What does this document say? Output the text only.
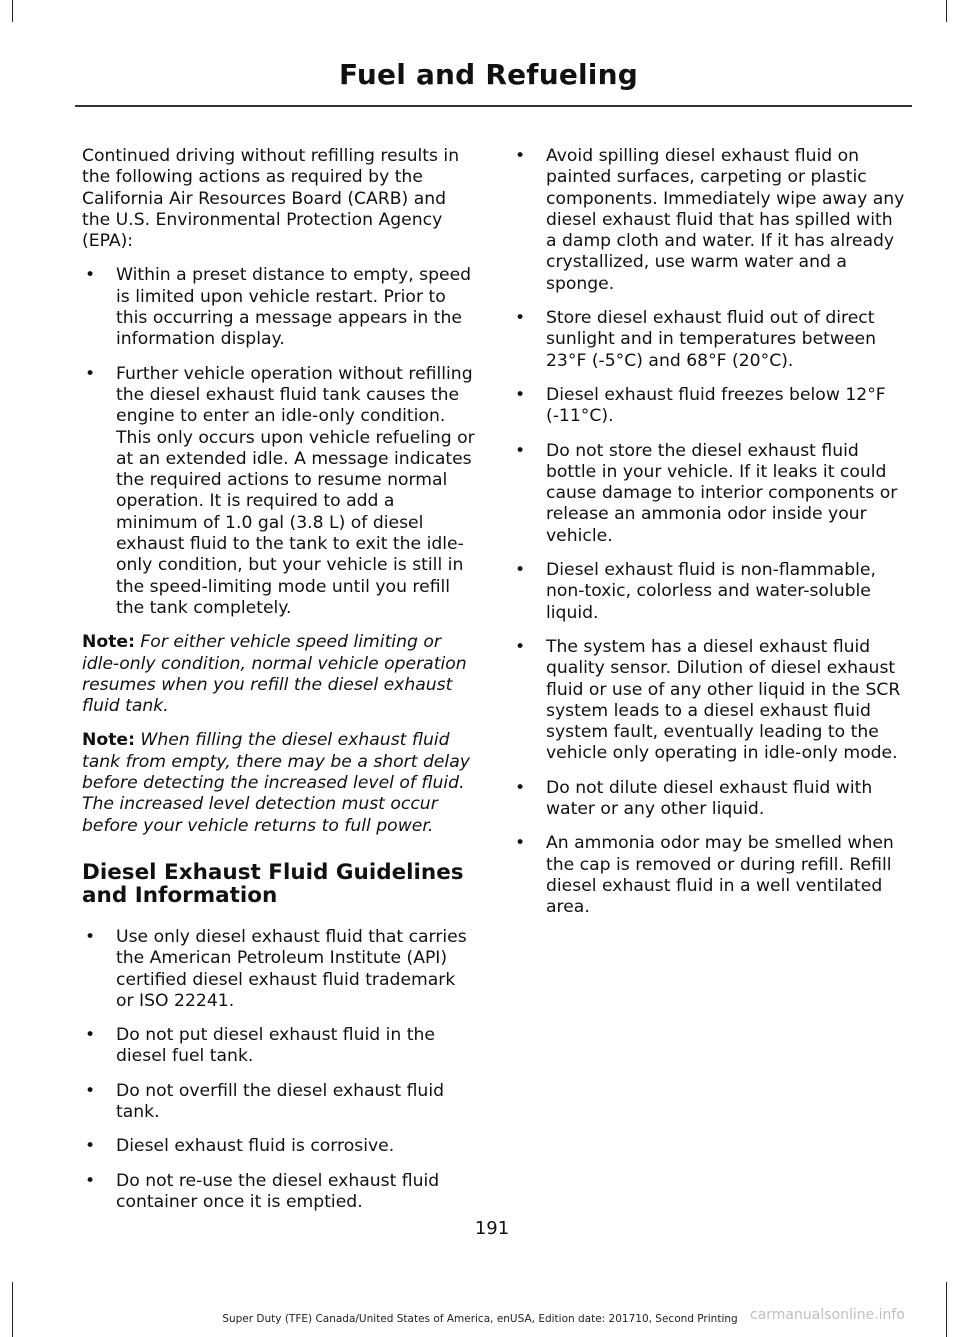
Fuel and Refueling

Continued driving without refilling results in the following actions as required by the California Air Resources Board (CARB) and the U.S. Environmental Protection Agency (EPA):

• Within a preset distance to empty, speed is limited upon vehicle restart. Prior to this occurring a message appears in the information display.
• Further vehicle operation without refilling the diesel exhaust fluid tank causes the engine to enter an idle-only condition. This only occurs upon vehicle refueling or at an extended idle. A message indicates the required actions to resume normal operation. It is required to add a minimum of 1.0 gal (3.8 L) of diesel exhaust fluid to the tank to exit the idle-only condition, but your vehicle is still in the speed-limiting mode until you refill the tank completely.

Note: For either vehicle speed limiting or idle-only condition, normal vehicle operation resumes when you refill the diesel exhaust fluid tank.

Note: When filling the diesel exhaust fluid tank from empty, there may be a short delay before detecting the increased level of fluid. The increased level detection must occur before your vehicle returns to full power.

Diesel Exhaust Fluid Guidelines and Information
• Use only diesel exhaust fluid that carries the American Petroleum Institute (API) certified diesel exhaust fluid trademark or ISO 22241.
• Do not put diesel exhaust fluid in the diesel fuel tank.
• Do not overfill the diesel exhaust fluid tank.
• Diesel exhaust fluid is corrosive.
• Do not re-use the diesel exhaust fluid container once it is emptied.
• Avoid spilling diesel exhaust fluid on painted surfaces, carpeting or plastic components. Immediately wipe away any diesel exhaust fluid that has spilled with a damp cloth and water. If it has already crystallized, use warm water and a sponge.
• Store diesel exhaust fluid out of direct sunlight and in temperatures between 23°F (-5°C) and 68°F (20°C).
• Diesel exhaust fluid freezes below 12°F (-11°C).
• Do not store the diesel exhaust fluid bottle in your vehicle. If it leaks it could cause damage to interior components or release an ammonia odor inside your vehicle.
• Diesel exhaust fluid is non-flammable, non-toxic, colorless and water-soluble liquid.
• The system has a diesel exhaust fluid quality sensor. Dilution of diesel exhaust fluid or use of any other liquid in the SCR system leads to a diesel exhaust fluid system fault, eventually leading to the vehicle only operating in idle-only mode.
• Do not dilute diesel exhaust fluid with water or any other liquid.
• An ammonia odor may be smelled when the cap is removed or during refill. Refill diesel exhaust fluid in a well ventilated area.
191
Super Duty (TFE) Canada/United States of America, enUSA, Edition date: 201710, Second Printing carmanualsonline.info
